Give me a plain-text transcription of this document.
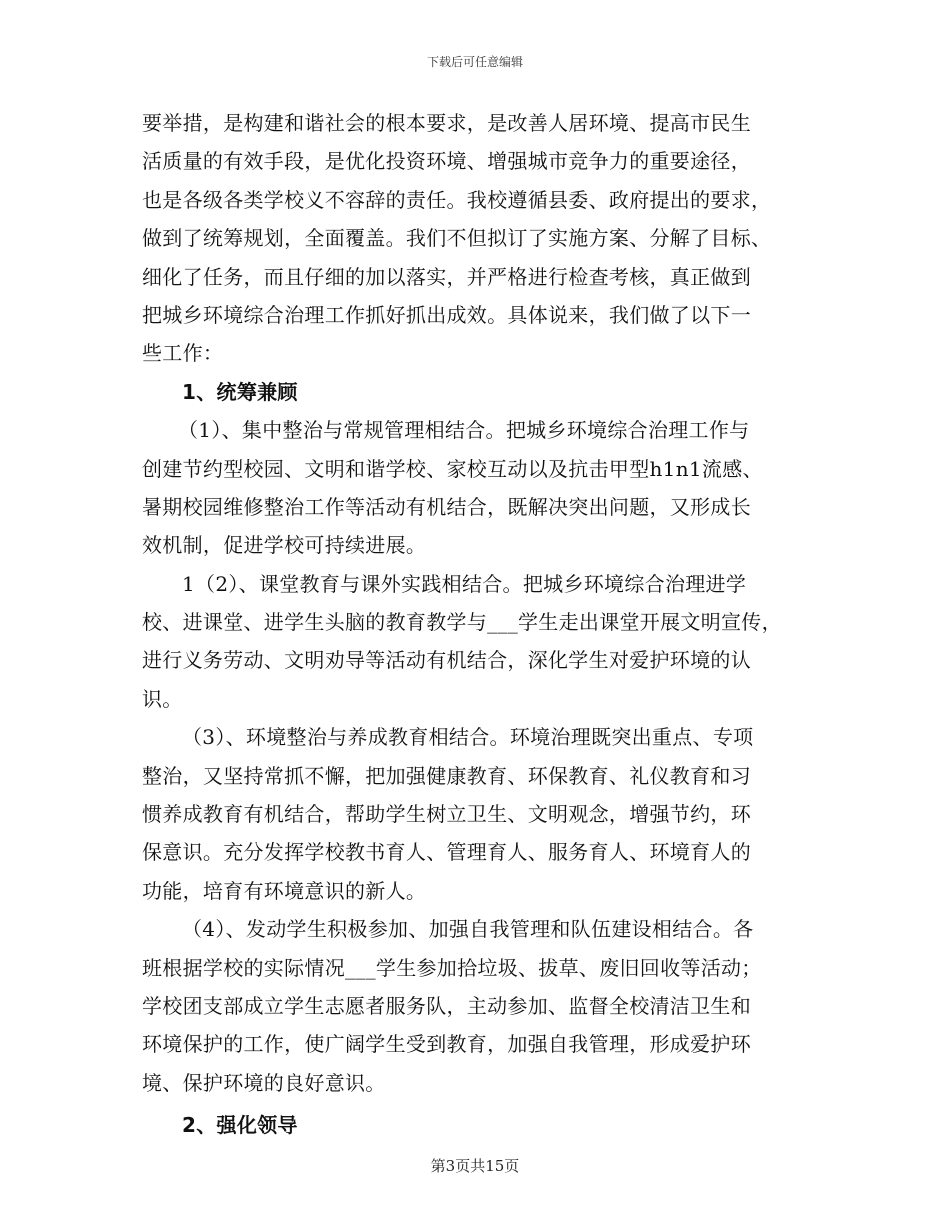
下载后可任意编辑
要举措，是构建和谐社会的根本要求，是改善人居环境、提高市民生
活质量的有效手段，是优化投资环境、增强城市竞争力的重要途径，
也是各级各类学校义不容辞的责任。我校遵循县委、政府提出的要求，
做到了统筹规划，全面覆盖。我们不但拟订了实施方案、分解了目标、
细化了任务，而且仔细的加以落实，并严格进行检查考核，真正做到
把城乡环境综合治理工作抓好抓出成效。具体说来，我们做了以下一
些工作：
1、统筹兼顾
（1）、集中整治与常规管理相结合。把城乡环境综合治理工作与
创建节约型校园、文明和谐学校、家校互动以及抗击甲型h1n1流感、
暑期校园维修整治工作等活动有机结合，既解决突出问题，又形成长
效机制，促进学校可持续进展。
1（2）、课堂教育与课外实践相结合。把城乡环境综合治理进学
校、进课堂、进学生头脑的教育教学与___学生走出课堂开展文明宣传，
进行义务劳动、文明劝导等活动有机结合，深化学生对爱护环境的认
识。
（3）、环境整治与养成教育相结合。环境治理既突出重点、专项
整治，又坚持常抓不懈，把加强健康教育、环保教育、礼仪教育和习
惯养成教育有机结合，帮助学生树立卫生、文明观念，增强节约，环
保意识。充分发挥学校教书育人、管理育人、服务育人、环境育人的
功能，培育有环境意识的新人。
（4）、发动学生积极参加、加强自我管理和队伍建设相结合。各
班根据学校的实际情况___学生参加拾垃圾、拔草、废旧回收等活动；
学校团支部成立学生志愿者服务队，主动参加、监督全校清洁卫生和
环境保护的工作，使广阔学生受到教育，加强自我管理，形成爱护环
境、保护环境的良好意识。
2、强化领导
第3页共15页
